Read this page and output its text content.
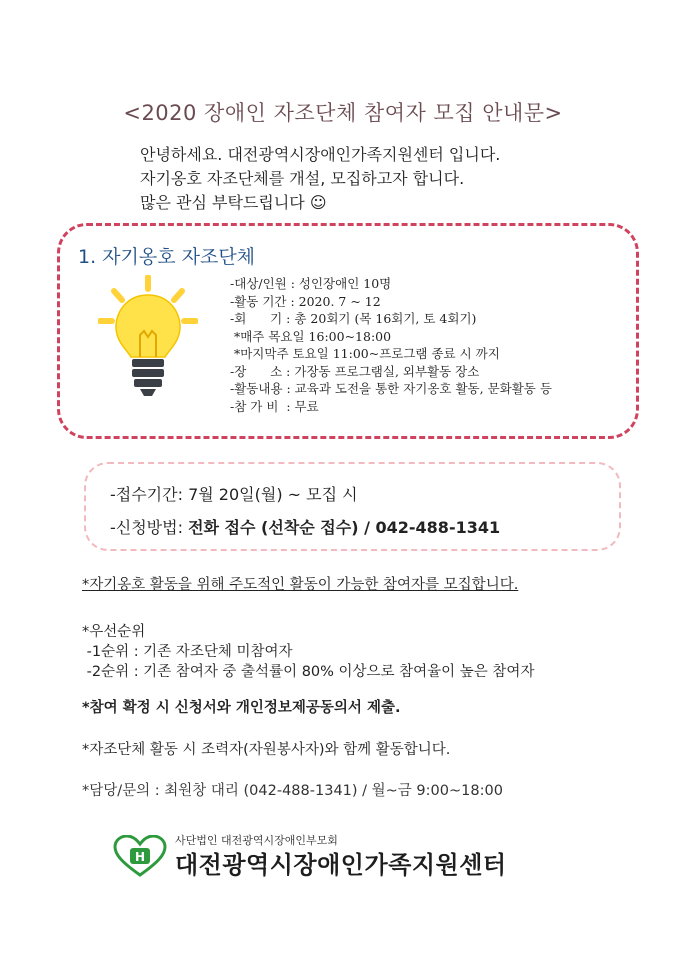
<2020 장애인 자조단체 참여자 모집 안내문>
안녕하세요. 대전광역시장애인가족지원센터 입니다.
자기옹호 자조단체를 개설, 모집하고자 합니다.
많은 관심 부탁드립니다 ☺
1. 자기옹호 자조단체
-대상/인원 : 성인장애인 10명
-활동 기간 : 2020. 7 ~ 12
-회      기 : 총 20회기 (목 16회기, 토 4회기)
*매주 목요일 16:00~18:00
*마지막주 토요일 11:00~프로그램 종료 시 까지
-장      소 : 가장동 프로그램실, 외부활동 장소
-활동내용 : 교육과 도전을 통한 자기옹호 활동, 문화활동 등
-참 가 비  : 무료
-접수기간: 7월 20일(월) ~ 모집 시
-신청방법: 전화 접수 (선착순 접수) / 042-488-1341
*자기옹호 활동을 위해 주도적인 활동이 가능한 참여자를 모집합니다.
*우선순위
-1순위 : 기존 자조단체 미참여자
-2순위 : 기존 참여자 중 출석률이 80% 이상으로 참여율이 높은 참여자
*참여 확정 시 신청서와 개인정보제공동의서 제출.
*자조단체 활동 시 조력자(자원봉사자)와 함께 활동합니다.
*담당/문의 : 최원창 대리 (042-488-1341) / 월~금 9:00~18:00
H
사단법인 대전광역시장애인부모회
대전광역시장애인가족지원센터
